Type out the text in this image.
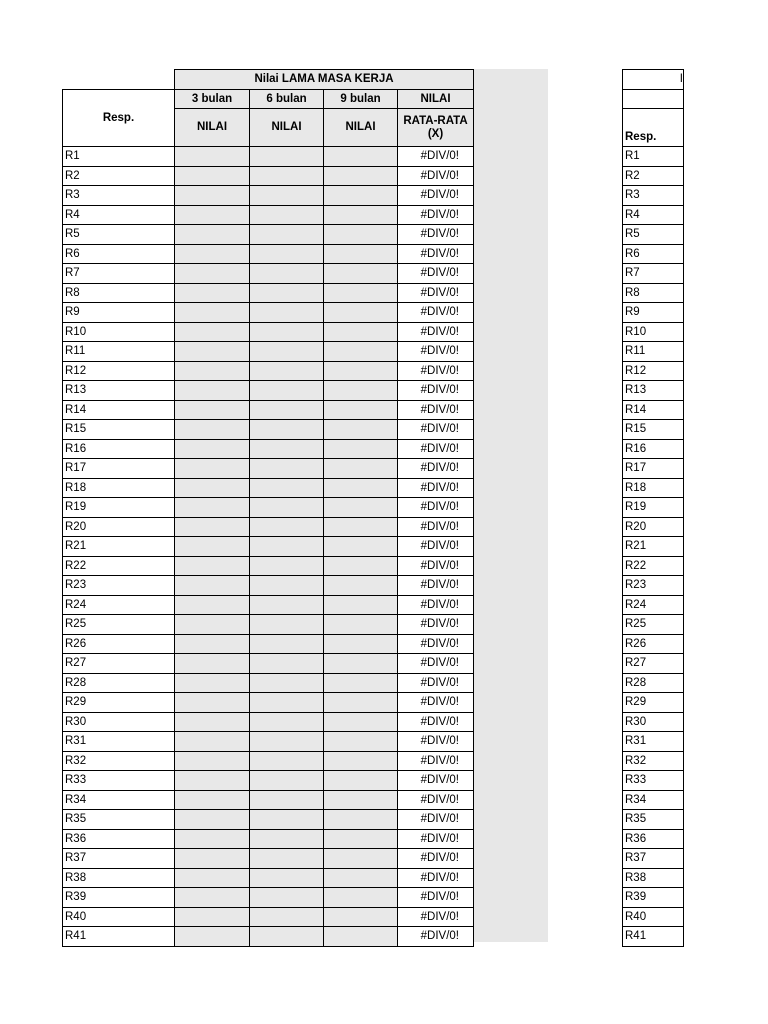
	Nilai LAMA MASA KERJA			
Resp.	3 bulan	6 bulan	9 bulan	NILAI
	NILAI	NILAI	NILAI	RATA-RATA
(X)
R1				#DIV/0!
R2				#DIV/0!
R3				#DIV/0!
R4				#DIV/0!
R5				#DIV/0!
R6				#DIV/0!
R7				#DIV/0!
R8				#DIV/0!
R9				#DIV/0!
R10				#DIV/0!
R11				#DIV/0!
R12				#DIV/0!
R13				#DIV/0!
R14				#DIV/0!
R15				#DIV/0!
R16				#DIV/0!
R17				#DIV/0!
R18				#DIV/0!
R19				#DIV/0!
R20				#DIV/0!
R21				#DIV/0!
R22				#DIV/0!
R23				#DIV/0!
R24				#DIV/0!
R25				#DIV/0!
R26				#DIV/0!
R27				#DIV/0!
R28				#DIV/0!
R29				#DIV/0!
R30				#DIV/0!
R31				#DIV/0!
R32				#DIV/0!
R33				#DIV/0!
R34				#DIV/0!
R35				#DIV/0!
R36				#DIV/0!
R37				#DIV/0!
R38				#DIV/0!
R39				#DIV/0!
R40				#DIV/0!
R41				#DIV/0!
I

Resp.
R1
R2
R3
R4
R5
R6
R7
R8
R9
R10
R11
R12
R13
R14
R15
R16
R17
R18
R19
R20
R21
R22
R23
R24
R25
R26
R27
R28
R29
R30
R31
R32
R33
R34
R35
R36
R37
R38
R39
R40
R41
